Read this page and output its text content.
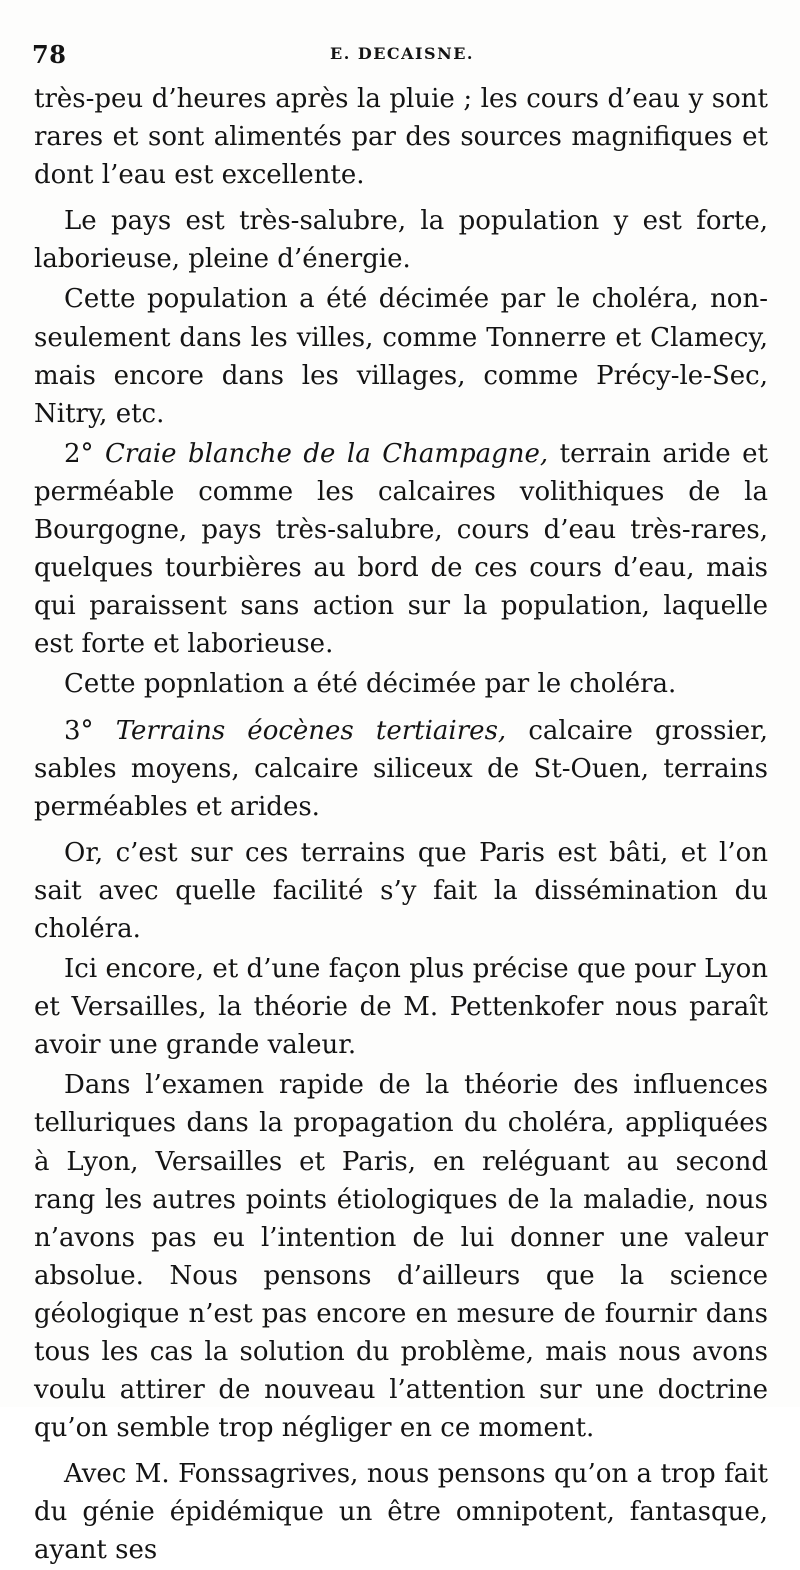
78	E. DECAISNE.

très-peu d’heures après la pluie ; les cours d’eau y sont rares et sont alimentés par des sources magnifiques et dont l’eau est excellente.

Le pays est très-salubre, la population y est forte, laborieuse, pleine d’énergie.

Cette population a été décimée par le choléra, non-seulement dans les villes, comme Tonnerre et Clamecy, mais encore dans les villages, comme Précy-le-Sec, Nitry, etc.

2° Craie blanche de la Champagne, terrain aride et perméable comme les calcaires volithiques de la Bourgogne, pays très-salubre, cours d’eau très-rares, quelques tourbières au bord de ces cours d’eau, mais qui paraissent sans action sur la population, laquelle est forte et laborieuse.

Cette popnlation a été décimée par le choléra.

3° Terrains éocènes tertiaires, calcaire grossier, sables moyens, calcaire siliceux de St-Ouen, terrains perméables et arides.

Or, c’est sur ces terrains que Paris est bâti, et l’on sait avec quelle facilité s’y fait la dissémination du choléra.

Ici encore, et d’une façon plus précise que pour Lyon et Versailles, la théorie de M. Pettenkofer nous paraît avoir une grande valeur.

Dans l’examen rapide de la théorie des influences telluriques dans la propagation du choléra, appliquées à Lyon, Versailles et Paris, en reléguant au second rang les autres points étiologiques de la maladie, nous n’avons pas eu l’intention de lui donner une valeur absolue. Nous pensons d’ailleurs que la science géologique n’est pas encore en mesure de fournir dans tous les cas la solution du problème, mais nous avons voulu attirer de nouveau l’attention sur une doctrine qu’on semble trop négliger en ce moment.

Avec M. Fonssagrives, nous pensons qu’on a trop fait du génie épidémique un être omnipotent, fantasque, ayant ses
